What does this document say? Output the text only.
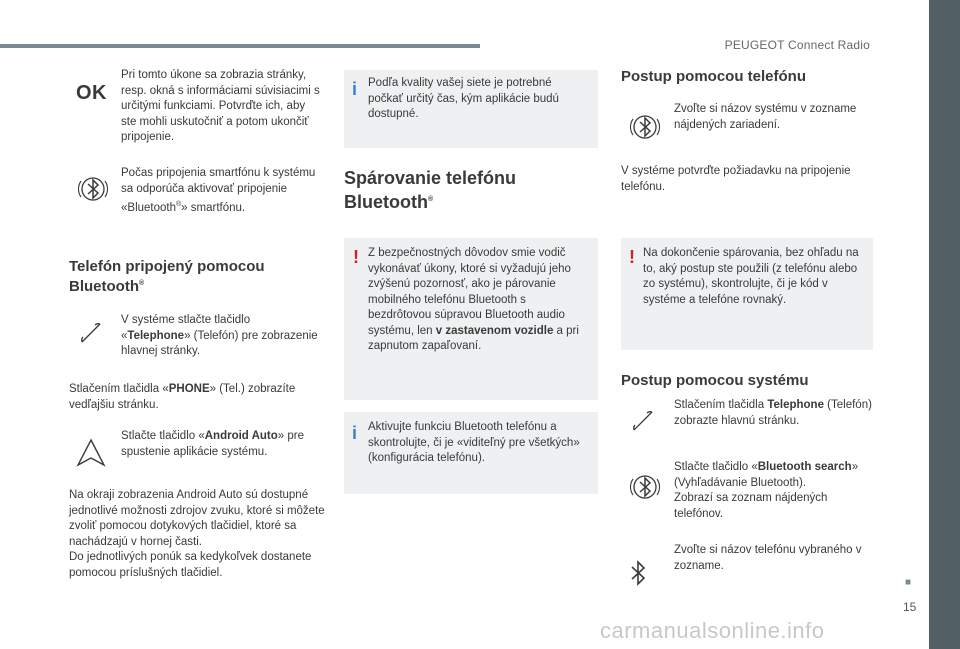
PEUGEOT Connect Radio
■
15
carmanualsonline.info
OK
Pri tomto úkone sa zobrazia stránky, resp. okná s informáciami súvisiacimi s určitými funkciami. Potvrďte ich, aby ste mohli uskutočniť a potom ukončiť pripojenie.
Počas pripojenia smartfónu k systému sa odporúča aktivovať pripojenie «Bluetooth®» smartfónu.
Telefón pripojený pomocou
Bluetooth®
V systéme stlačte tlačidlo «Telephone» (Telefón) pre zobrazenie hlavnej stránky.
Stlačením tlačidla «PHONE» (Tel.) zobrazíte vedľajšiu stránku.
Stlačte tlačidlo «Android Auto» pre spustenie aplikácie systému.
Na okraji zobrazenia Android Auto sú dostupné jednotlivé možnosti zdrojov zvuku, ktoré si môžete zvoliť pomocou dotykových tlačidiel, ktoré sa nachádzajú v hornej časti.
Do jednotlivých ponúk sa kedykoľvek dostanete pomocou príslušných tlačidiel.
i Podľa kvality vašej siete je potrebné počkať určitý čas, kým aplikácie budú dostupné.
Spárovanie telefónu
Bluetooth®
! Z bezpečnostných dôvodov smie vodič vykonávať úkony, ktoré si vyžadujú jeho zvýšenú pozornosť, ako je párovanie mobilného telefónu Bluetooth s bezdrôtovou súpravou Bluetooth audio systému, len v zastavenom vozidle a pri zapnutom zapaľovaní.
i Aktivujte funkciu Bluetooth telefónu a skontrolujte, či je «viditeľný pre všetkých» (konfigurácia telefónu).
Postup pomocou telefónu
Zvoľte si názov systému v zozname nájdených zariadení.
V systéme potvrďte požiadavku na pripojenie telefónu.
! Na dokončenie spárovania, bez ohľadu na to, aký postup ste použili (z telefónu alebo zo systému), skontrolujte, či je kód v systéme a telefóne rovnaký.
Postup pomocou systému
Stlačením tlačidla Telephone (Telefón) zobrazte hlavnú stránku.
Stlačte tlačidlo «Bluetooth search» (Vyhľadávanie Bluetooth).
Zobrazí sa zoznam nájdených telefónov.
Zvoľte si názov telefónu vybraného v zozname.
